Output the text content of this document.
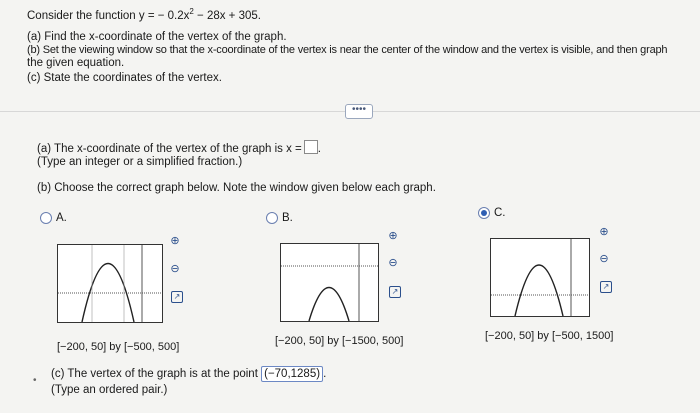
Consider the function y = − $0.2x^2 - 28x + 305$.
(a) Find the x-coordinate of the vertex of the graph.
(b) Set the viewing window so that the x-coordinate of the vertex is near the center of the window and the vertex is visible, and then graph
the given equation.
(c) State the coordinates of the vertex.
••••
(a) The x-coordinate of the vertex of the graph is x = .
(Type an integer or a simplified fraction.)
(b) Choose the correct graph below. Note the window given below each graph.
A.
⊕
⊖
↗
[−200, 50] by [−500, 500]
B.
⊕
⊖
↗
[−200, 50] by [−1500, 500]
C.
⊕
⊖
↗
[−200, 50] by [−500, 1500]
•
(c) The vertex of the graph is at the point (−70,1285) .
(Type an ordered pair.)
